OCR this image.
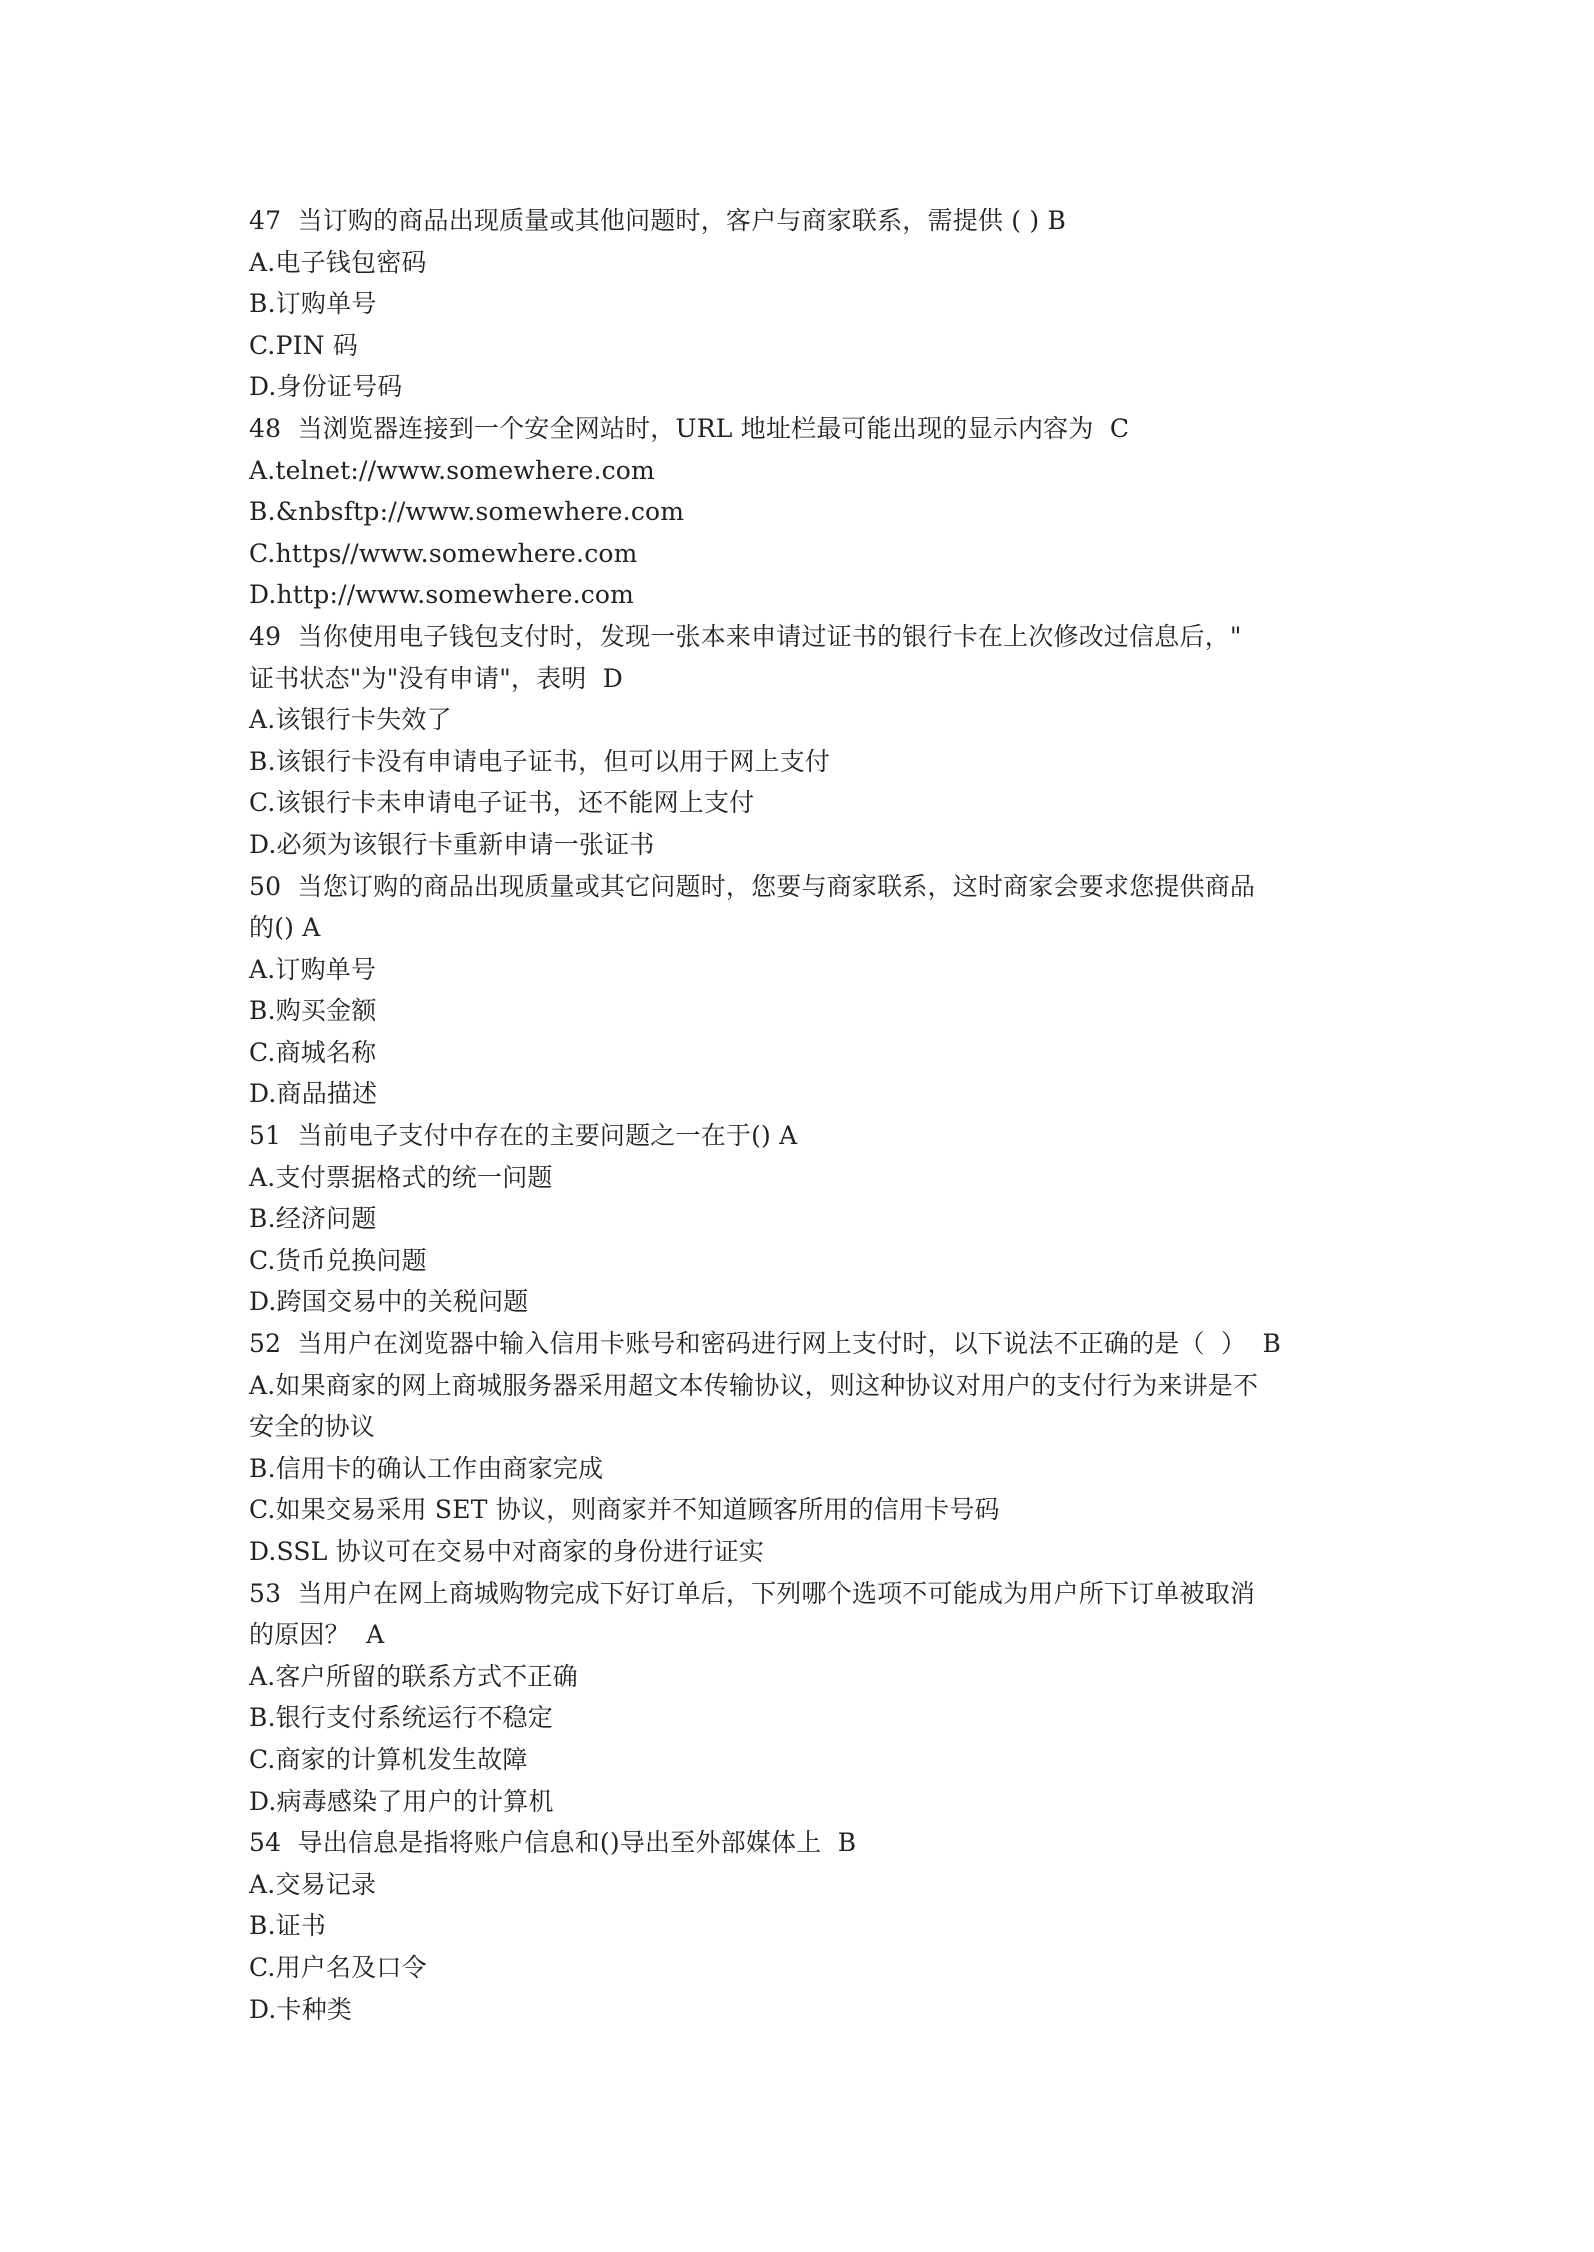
47  当订购的商品出现质量或其他问题时，客户与商家联系，需提供 ( ) B

A.电子钱包密码

B.订购单号

C.PIN 码

D.身份证号码

48  当浏览器连接到一个安全网站时，URL 地址栏最可能出现的显示内容为  C

A.telnet://www.somewhere.com

B.&nbsftp://www.somewhere.com

C.https//www.somewhere.com

D.http://www.somewhere.com

49  当你使用电子钱包支付时，发现一张本来申请过证书的银行卡在上次修改过信息后，"

证书状态"为"没有申请"，表明  D

A.该银行卡失效了

B.该银行卡没有申请电子证书，但可以用于网上支付

C.该银行卡未申请电子证书，还不能网上支付

D.必须为该银行卡重新申请一张证书

50  当您订购的商品出现质量或其它问题时，您要与商家联系，这时商家会要求您提供商品

的() A

A.订购单号

B.购买金额

C.商城名称

D.商品描述

51  当前电子支付中存在的主要问题之一在于() A

A.支付票据格式的统一问题

B.经济问题

C.货币兑换问题

D.跨国交易中的关税问题

52  当用户在浏览器中输入信用卡账号和密码进行网上支付时，以下说法不正确的是（  ）  B

A.如果商家的网上商城服务器采用超文本传输协议，则这种协议对用户的支付行为来讲是不

安全的协议

B.信用卡的确认工作由商家完成

C.如果交易采用 SET 协议，则商家并不知道顾客所用的信用卡号码

D.SSL 协议可在交易中对商家的身份进行证实

53  当用户在网上商城购物完成下好订单后，下列哪个选项不可能成为用户所下订单被取消

的原因？  A

A.客户所留的联系方式不正确

B.银行支付系统运行不稳定

C.商家的计算机发生故障

D.病毒感染了用户的计算机

54  导出信息是指将账户信息和()导出至外部媒体上  B

A.交易记录

B.证书

C.用户名及口令

D.卡种类
